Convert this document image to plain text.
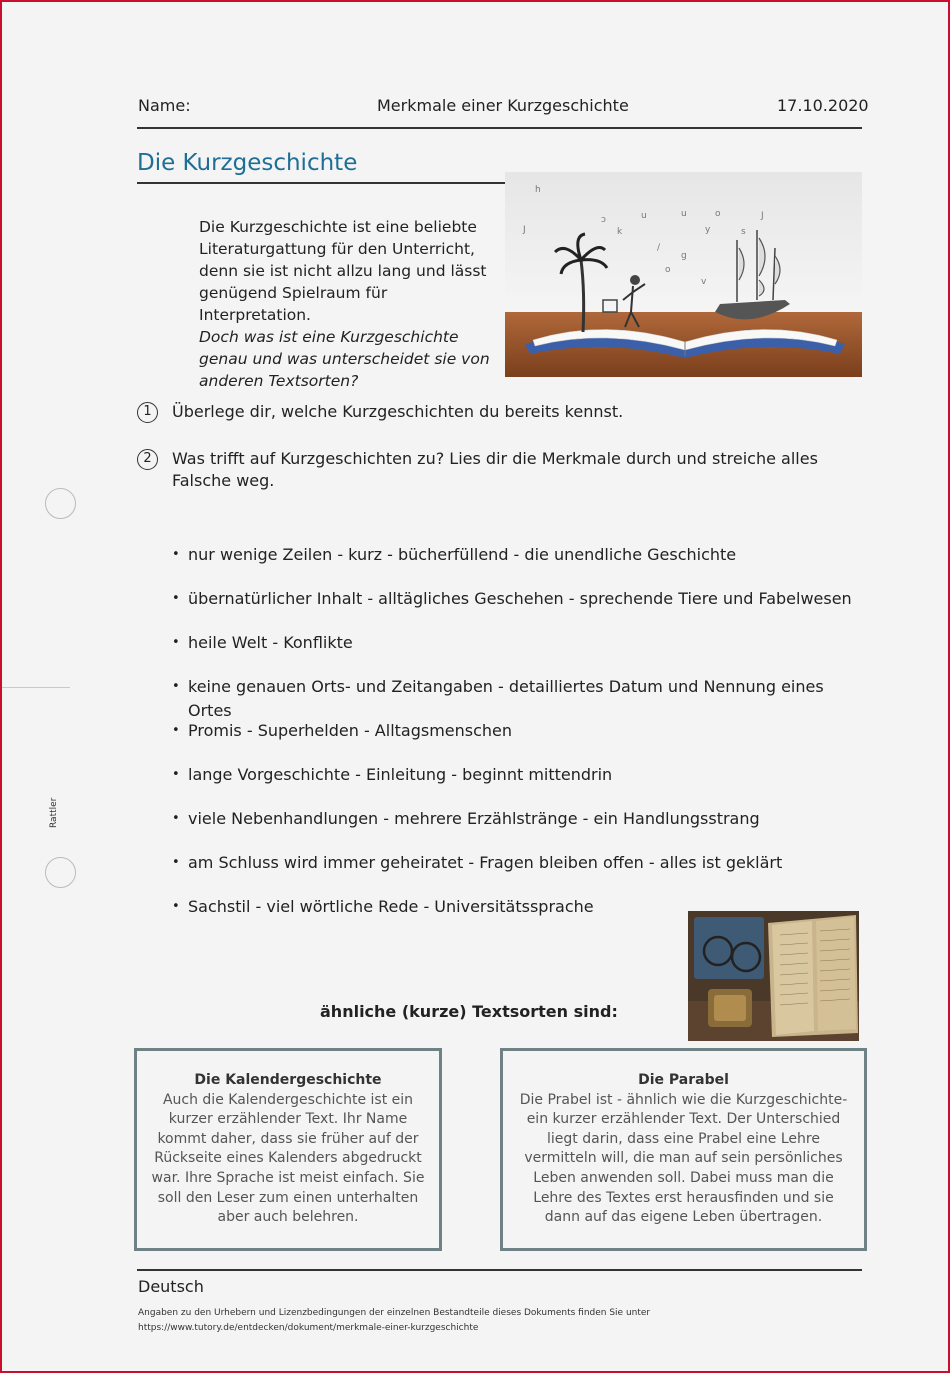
Name:	Merkmale einer Kurzgeschichte	17.10.2020
Die Kurzgeschichte

Die Kurzgeschichte ist eine beliebte Literaturgattung für den Unterricht, denn sie ist nicht allzu lang und lässt genügend Spielraum für Interpretation.

Doch was ist eine Kurzgeschichte genau und was unterscheidet sie von anderen Textsorten?

ɔ
k
u
/
u
y
o
s
J
o
g
v
h
J
1	Überlege dir, welche Kurzgeschichten du bereits kennst.
2	Was trifft auf Kurzgeschichten zu? Lies dir die Merkmale durch und streiche alles Falsche weg.
Rattler
• nur wenige Zeilen - kurz - bücherfüllend - die unendliche Geschichte
• übernatürlicher Inhalt - alltägliches Geschehen - sprechende Tiere und Fabelwesen
• heile Welt - Konflikte
• keine genauen Orts- und Zeitangaben - detailliertes Datum und Nennung eines Ortes
• Promis - Superhelden - Alltagsmenschen
• lange Vorgeschichte - Einleitung - beginnt mittendrin
• viele Nebenhandlungen - mehrere Erzählstränge - ein Handlungsstrang
• am Schluss wird immer geheiratet - Fragen bleiben offen - alles ist geklärt
• Sachstil - viel wörtliche Rede - Universitätssprache
ähnliche (kurze) Textsorten sind:
Die Kalendergeschichte
Auch die Kalendergeschichte ist ein kurzer erzählender Text. Ihr Name kommt daher, dass sie früher auf der Rückseite eines Kalenders abgedruckt war. Ihre Sprache ist meist einfach. Sie soll den Leser zum einen unterhalten aber auch belehren.
Die Parabel
Die Prabel ist - ähnlich wie die Kurzgeschichte- ein kurzer erzählender Text. Der Unterschied liegt darin, dass eine Prabel eine Lehre vermitteln will, die man auf sein persönliches Leben anwenden soll. Dabei muss man die Lehre des Textes erst herausfinden und sie dann auf das eigene Leben übertragen.
Deutsch
Angaben zu den Urhebern und Lizenzbedingungen der einzelnen Bestandteile dieses Dokuments finden Sie unter
https://www.tutory.de/entdecken/dokument/merkmale-einer-kurzgeschichte
